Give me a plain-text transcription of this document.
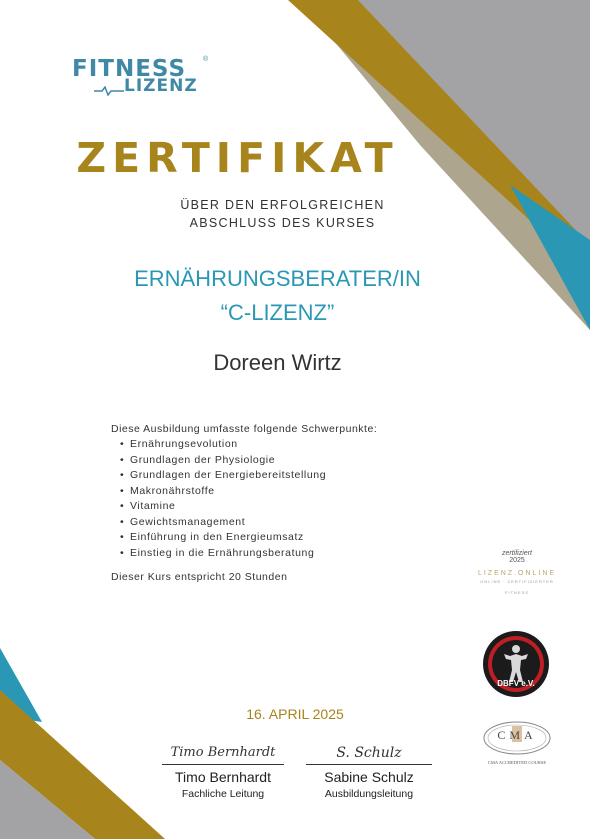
FITNESS ®
LIZENZ
ZERTIFIKAT
ÜBER DEN ERFOLGREICHEN
ABSCHLUSS DES KURSES
ERNÄHRUNGSBERATER/IN
“C-LIZENZ”
Doreen Wirtz
Diese Ausbildung umfasste folgende Schwerpunkte:
• Ernährungsevolution
• Grundlagen der Physiologie
• Grundlagen der Energiebereitstellung
• Makronährstoffe
• Vitamine
• Gewichtsmanagement
• Einführung in den Energieumsatz
• Einstieg in die Ernährungsberatung
Dieser Kurs entspricht 20 Stunden
zertifiziert
2025
LIZENZ.ONLINE
ONLINE · ZERTIFIZIERTER
FITNESS
DBFV e.V.
CMA
CMA ACCREDITED COURSE
16. APRIL 2025
Timo Bernhardt
Timo Bernhardt
Fachliche Leitung
S. Schulz
Sabine Schulz
Ausbildungsleitung
